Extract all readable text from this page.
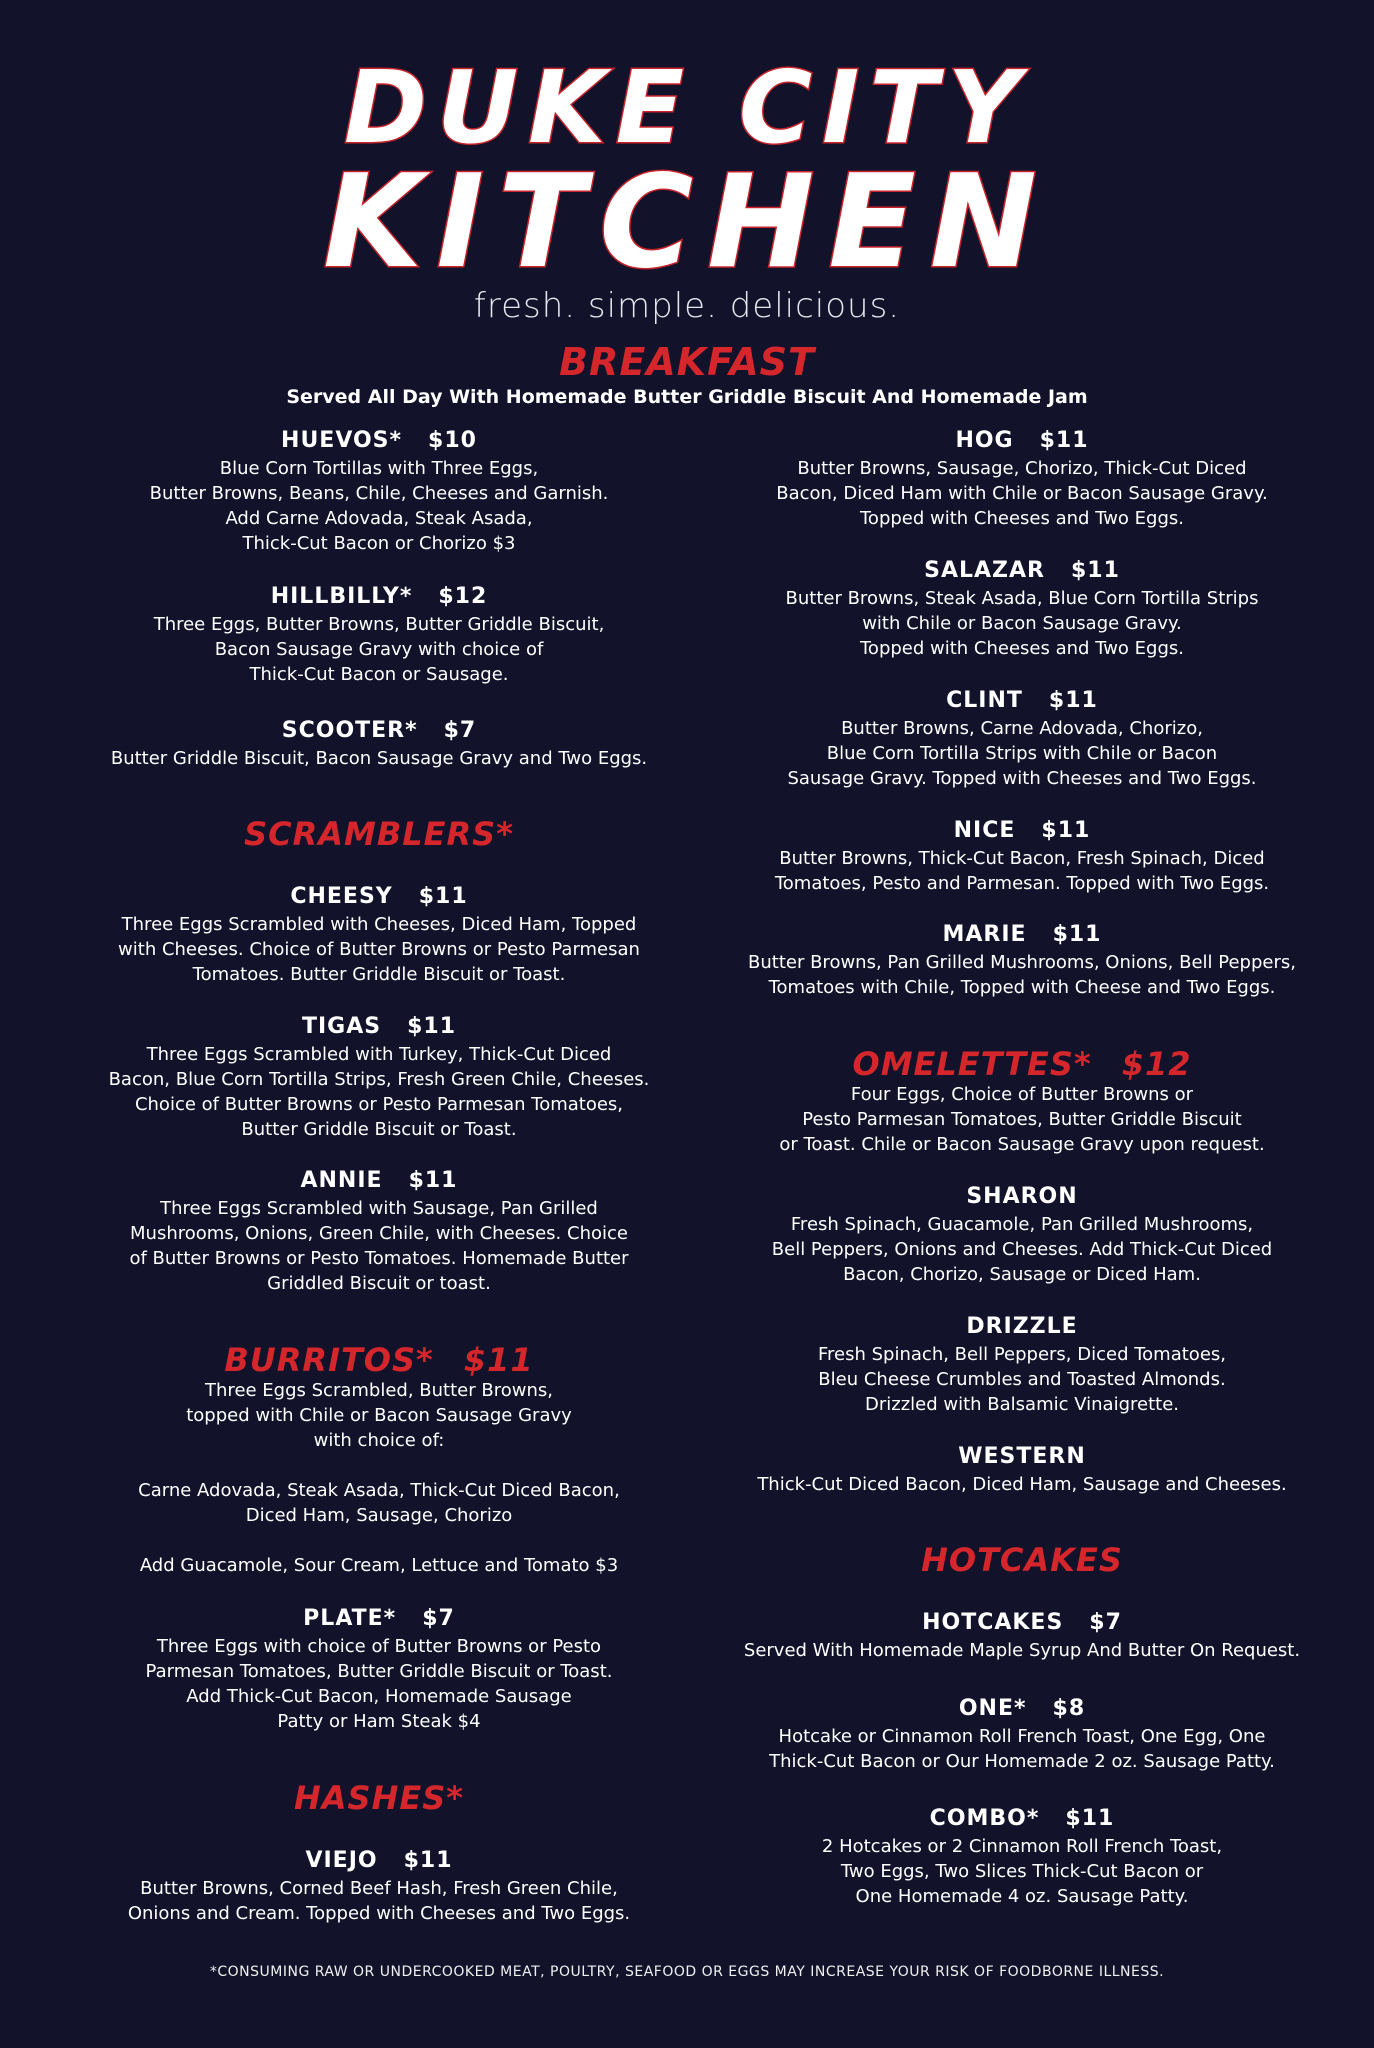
DUKE CITY
KITCHEN
fresh. simple. delicious.
BREAKFAST
Served All Day With Homemade Butter Griddle Biscuit And Homemade Jam
HUEVOS* $10
Blue Corn Tortillas with Three Eggs,
Butter Browns, Beans, Chile, Cheeses and Garnish.
Add Carne Adovada, Steak Asada,
Thick-Cut Bacon or Chorizo $3
HILLBILLY* $12
Three Eggs, Butter Browns, Butter Griddle Biscuit,
Bacon Sausage Gravy with choice of
Thick-Cut Bacon or Sausage.
SCOOTER* $7
Butter Griddle Biscuit, Bacon Sausage Gravy and Two Eggs.
SCRAMBLERS*
CHEESY $11
Three Eggs Scrambled with Cheeses, Diced Ham, Topped
with Cheeses. Choice of Butter Browns or Pesto Parmesan
Tomatoes. Butter Griddle Biscuit or Toast.
TIGAS $11
Three Eggs Scrambled with Turkey, Thick-Cut Diced
Bacon, Blue Corn Tortilla Strips, Fresh Green Chile, Cheeses.
Choice of Butter Browns or Pesto Parmesan Tomatoes,
Butter Griddle Biscuit or Toast.
ANNIE $11
Three Eggs Scrambled with Sausage, Pan Grilled
Mushrooms, Onions, Green Chile, with Cheeses. Choice
of Butter Browns or Pesto Tomatoes. Homemade Butter
Griddled Biscuit or toast.
BURRITOS* $11
Three Eggs Scrambled, Butter Browns,
topped with Chile or Bacon Sausage Gravy
with choice of:
Carne Adovada, Steak Asada, Thick-Cut Diced Bacon,
Diced Ham, Sausage, Chorizo
Add Guacamole, Sour Cream, Lettuce and Tomato $3
PLATE* $7
Three Eggs with choice of Butter Browns or Pesto
Parmesan Tomatoes, Butter Griddle Biscuit or Toast.
Add Thick-Cut Bacon, Homemade Sausage
Patty or Ham Steak $4
HASHES*
VIEJO $11
Butter Browns, Corned Beef Hash, Fresh Green Chile,
Onions and Cream. Topped with Cheeses and Two Eggs.
HOG $11
Butter Browns, Sausage, Chorizo, Thick-Cut Diced
Bacon, Diced Ham with Chile or Bacon Sausage Gravy.
Topped with Cheeses and Two Eggs.
SALAZAR $11
Butter Browns, Steak Asada, Blue Corn Tortilla Strips
with Chile or Bacon Sausage Gravy.
Topped with Cheeses and Two Eggs.
CLINT $11
Butter Browns, Carne Adovada, Chorizo,
Blue Corn Tortilla Strips with Chile or Bacon
Sausage Gravy. Topped with Cheeses and Two Eggs.
NICE $11
Butter Browns, Thick-Cut Bacon, Fresh Spinach, Diced
Tomatoes, Pesto and Parmesan. Topped with Two Eggs.
MARIE $11
Butter Browns, Pan Grilled Mushrooms, Onions, Bell Peppers,
Tomatoes with Chile, Topped with Cheese and Two Eggs.
OMELETTES* $12
Four Eggs, Choice of Butter Browns or
Pesto Parmesan Tomatoes, Butter Griddle Biscuit
or Toast. Chile or Bacon Sausage Gravy upon request.
SHARON
Fresh Spinach, Guacamole, Pan Grilled Mushrooms,
Bell Peppers, Onions and Cheeses. Add Thick-Cut Diced
Bacon, Chorizo, Sausage or Diced Ham.
DRIZZLE
Fresh Spinach, Bell Peppers, Diced Tomatoes,
Bleu Cheese Crumbles and Toasted Almonds.
Drizzled with Balsamic Vinaigrette.
WESTERN
Thick-Cut Diced Bacon, Diced Ham, Sausage and Cheeses.
HOTCAKES
HOTCAKES $7
Served With Homemade Maple Syrup And Butter On Request.
ONE* $8
Hotcake or Cinnamon Roll French Toast, One Egg, One
Thick-Cut Bacon or Our Homemade 2 oz. Sausage Patty.
COMBO* $11
2 Hotcakes or 2 Cinnamon Roll French Toast,
Two Eggs, Two Slices Thick-Cut Bacon or
One Homemade 4 oz. Sausage Patty.
*CONSUMING RAW OR UNDERCOOKED MEAT, POULTRY, SEAFOOD OR EGGS MAY INCREASE YOUR RISK OF FOODBORNE ILLNESS.
